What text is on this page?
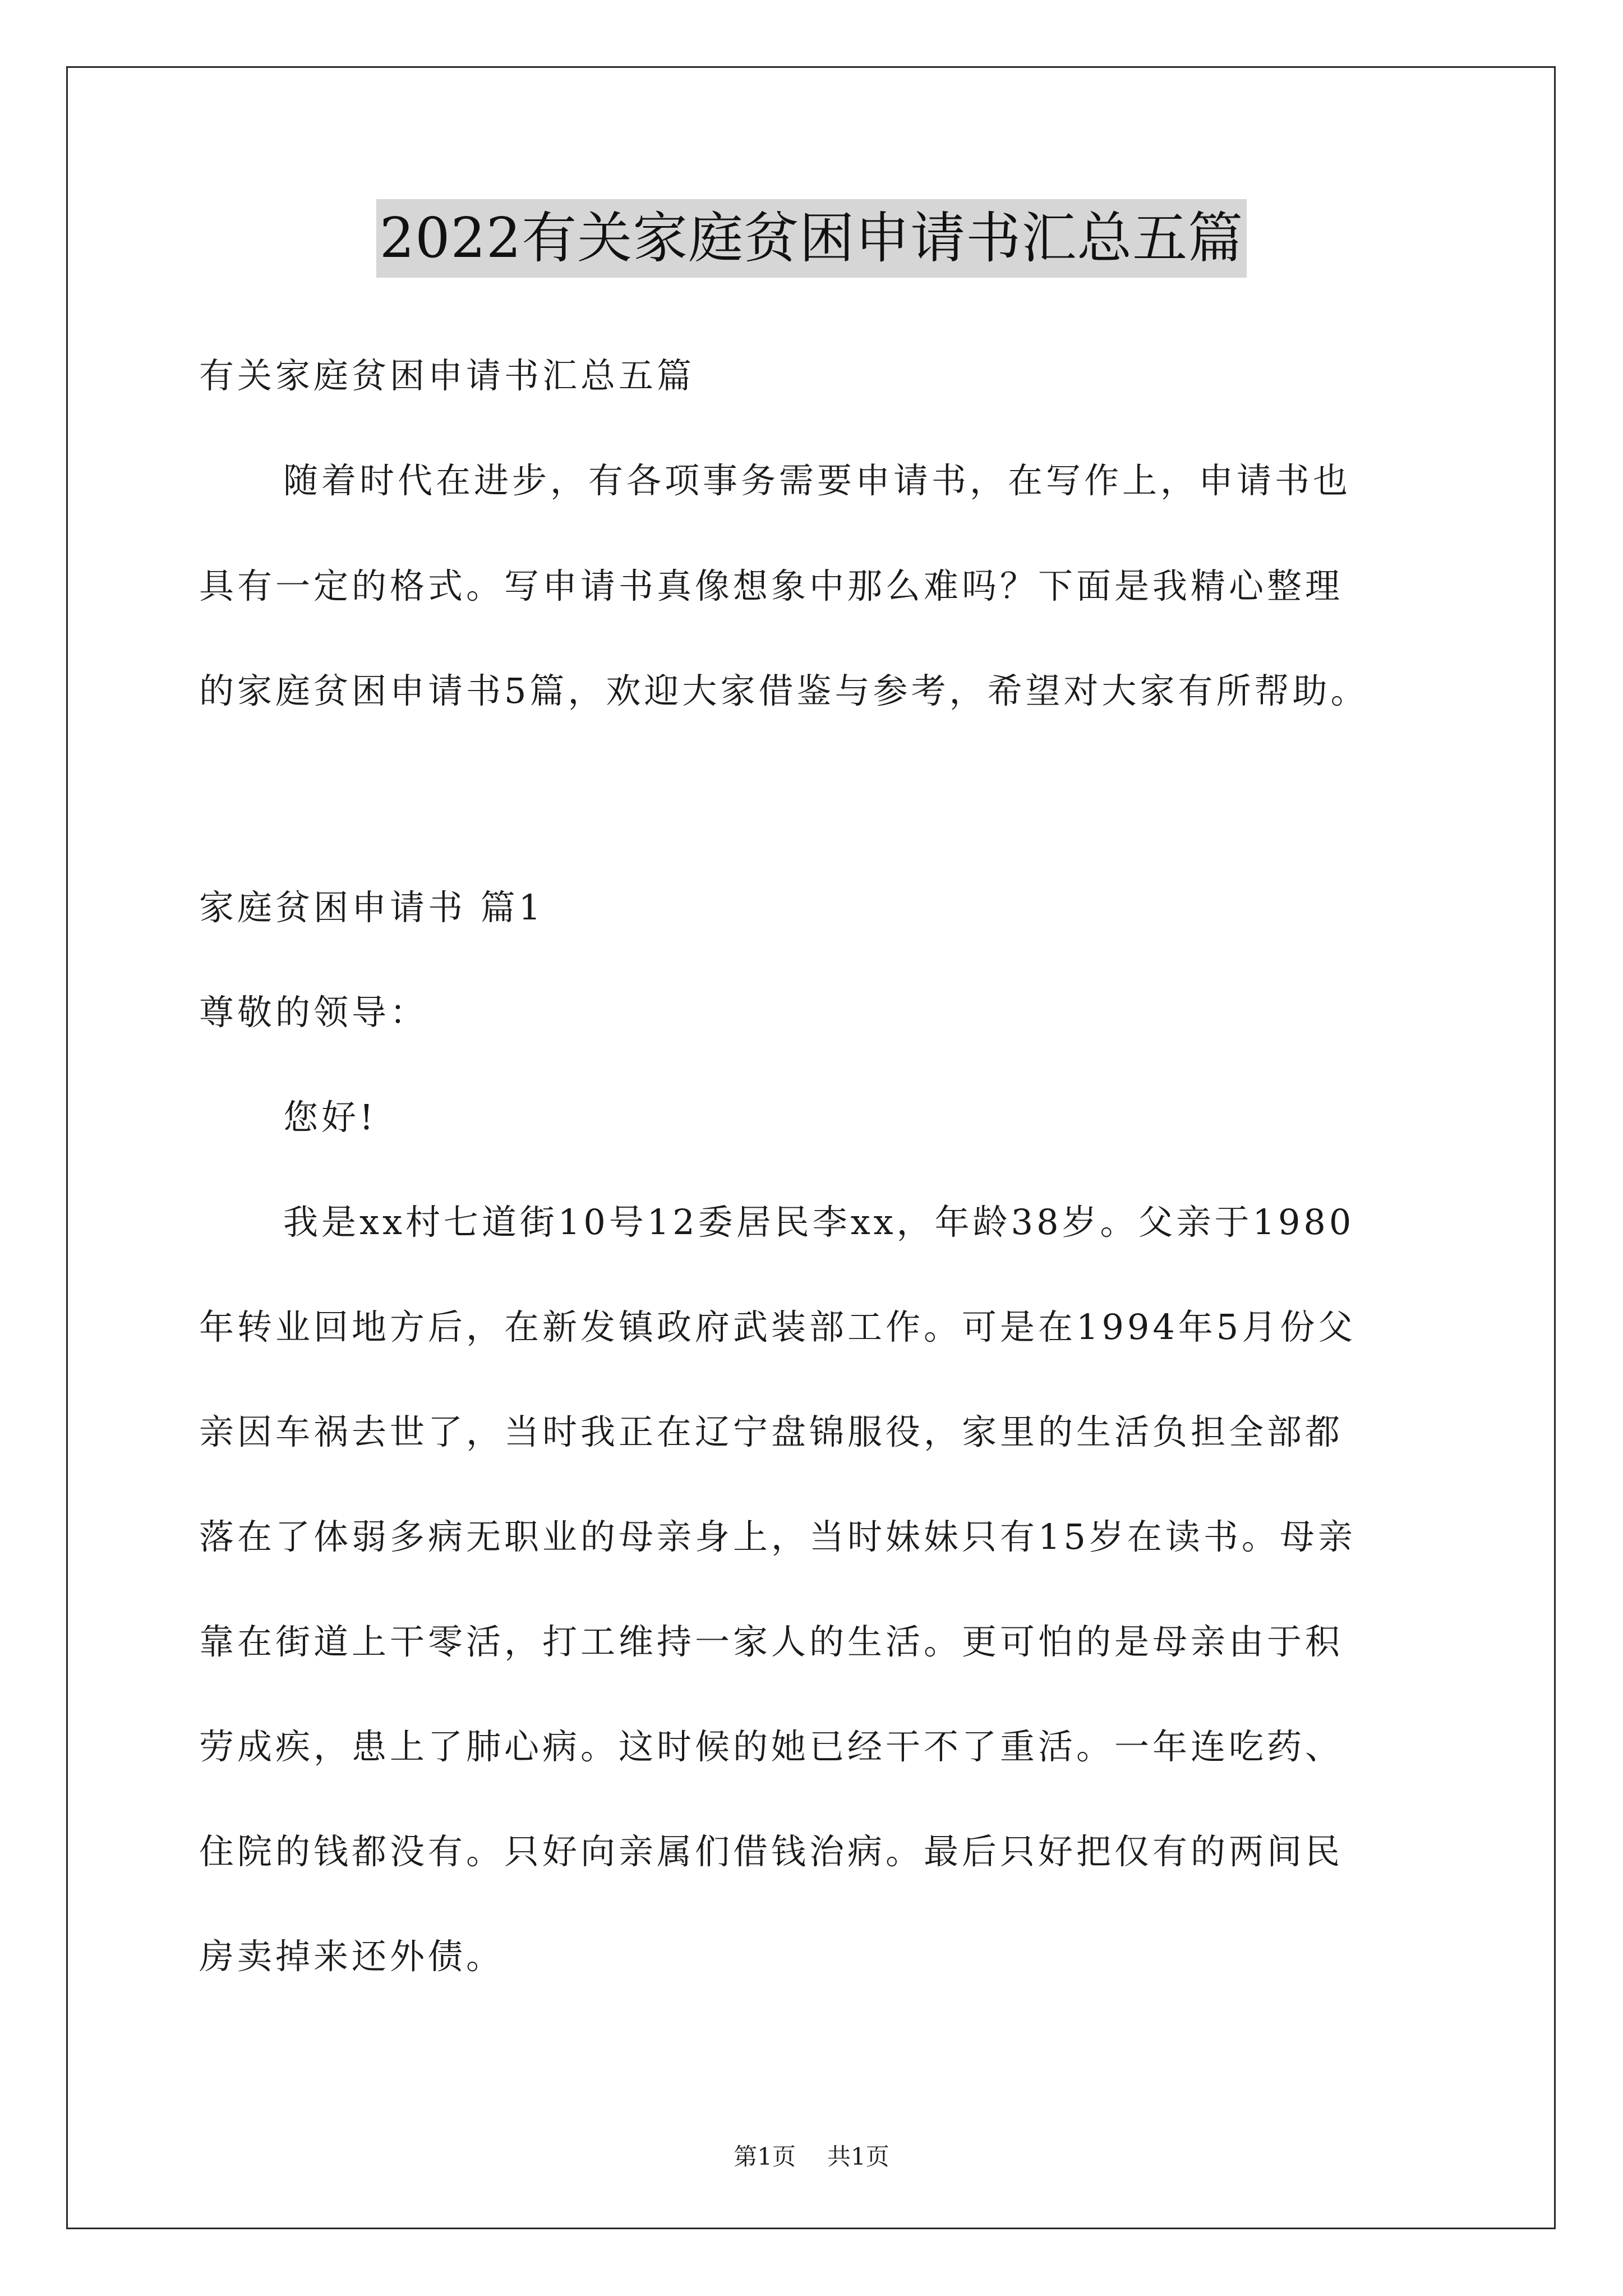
2022有关家庭贫困申请书汇总五篇
有关家庭贫困申请书汇总五篇
随着时代在进步，有各项事务需要申请书，在写作上，申请书也
具有一定的格式。写申请书真像想象中那么难吗？下面是我精心整理
的家庭贫困申请书5篇，欢迎大家借鉴与参考，希望对大家有所帮助。
家庭贫困申请书 篇1
尊敬的领导：
您好!
我是xx村七道街10号12委居民李xx，年龄38岁。父亲于1980
年转业回地方后，在新发镇政府武装部工作。可是在1994年5月份父
亲因车祸去世了，当时我正在辽宁盘锦服役，家里的生活负担全部都
落在了体弱多病无职业的母亲身上，当时妹妹只有15岁在读书。母亲
靠在街道上干零活，打工维持一家人的生活。更可怕的是母亲由于积
劳成疾，患上了肺心病。这时候的她已经干不了重活。一年连吃药、
住院的钱都没有。只好向亲属们借钱治病。最后只好把仅有的两间民
房卖掉来还外债。
第1页 共1页
